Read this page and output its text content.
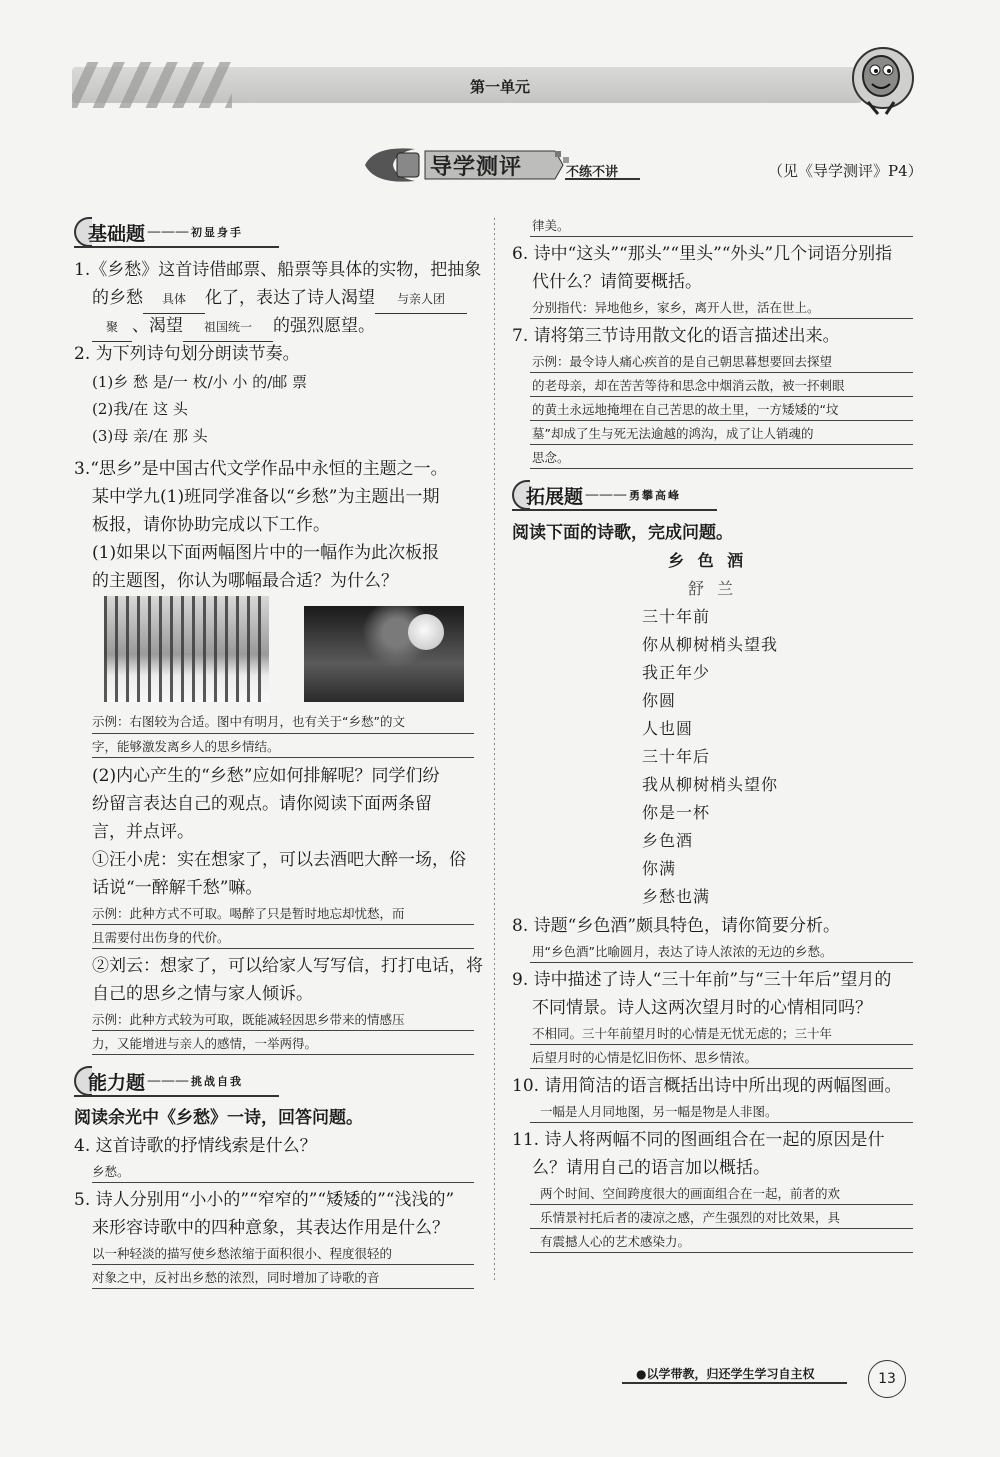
第一单元
导学测评	不练不讲	（见《导学测评》P4）
基础题 ——— 初显身手
1.《乡愁》这首诗借邮票、船票等具体的实物，把抽象
的乡愁 具体 化了，表达了诗人渴望 与亲人团
聚 、渴望 祖国统一 的强烈愿望。
2. 为下列诗句划分朗读节奏。
(1)乡 愁 是/一 枚/小 小 的/邮 票
(2)我/在 这 头
(3)母 亲/在 那 头
3.“思乡”是中国古代文学作品中永恒的主题之一。
某中学九(1)班同学准备以“乡愁”为主题出一期
板报，请你协助完成以下工作。
(1)如果以下面两幅图片中的一幅作为此次板报
的主题图，你认为哪幅最合适？为什么？
示例：右图较为合适。图中有明月，也有关于“乡愁”的文
字，能够激发离乡人的思乡情结。
(2)内心产生的“乡愁”应如何排解呢？同学们纷
纷留言表达自己的观点。请你阅读下面两条留
言，并点评。
①汪小虎：实在想家了，可以去酒吧大醉一场，俗
话说“一醉解千愁”嘛。
示例：此种方式不可取。喝醉了只是暂时地忘却忧愁，而
且需要付出伤身的代价。
②刘云：想家了，可以给家人写写信，打打电话，将
自己的思乡之情与家人倾诉。
示例：此种方式较为可取，既能减轻因思乡带来的情感压
力，又能增进与亲人的感情，一举两得。
能力题 ——— 挑战自我
阅读余光中《乡愁》一诗，回答问题。
4. 这首诗歌的抒情线索是什么？
乡愁。
5. 诗人分别用“小小的”“窄窄的”“矮矮的”“浅浅的”
来形容诗歌中的四种意象，其表达作用是什么？
以一种轻淡的描写使乡愁浓缩于面积很小、程度很轻的
对象之中，反衬出乡愁的浓烈，同时增加了诗歌的音
律美。
6. 诗中“这头”“那头”“里头”“外头”几个词语分别指
代什么？请简要概括。
分别指代：异地他乡，家乡，离开人世，活在世上。
7. 请将第三节诗用散文化的语言描述出来。
示例：最令诗人痛心疾首的是自己朝思暮想要回去探望
的老母亲，却在苦苦等待和思念中烟消云散，被一抔刺眼
的黄土永远地掩埋在自己苦思的故土里，一方矮矮的“坟
墓”却成了生与死无法逾越的鸿沟，成了让人销魂的
思念。
拓展题 ——— 勇攀高峰
阅读下面的诗歌，完成问题。
乡 色 酒
舒 兰
三十年前
你从柳树梢头望我
我正年少
你圆
人也圆
三十年后
我从柳树梢头望你
你是一杯
乡色酒
你满
乡愁也满
8. 诗题“乡色酒”颇具特色，请你简要分析。
用“乡色酒”比喻圆月，表达了诗人浓浓的无边的乡愁。
9. 诗中描述了诗人“三十年前”与“三十年后”望月的
不同情景。诗人这两次望月时的心情相同吗？
不相同。三十年前望月时的心情是无忧无虑的；三十年
后望月时的心情是忆旧伤怀、思乡情浓。
10. 请用简洁的语言概括出诗中所出现的两幅图画。
一幅是人月同地图，另一幅是物是人非图。
11. 诗人将两幅不同的图画组合在一起的原因是什
么？请用自己的语言加以概括。
两个时间、空间跨度很大的画面组合在一起，前者的欢
乐情景衬托后者的凄凉之感，产生强烈的对比效果，具
有震撼人心的艺术感染力。
●以学带教，归还学生学习自主权	13
